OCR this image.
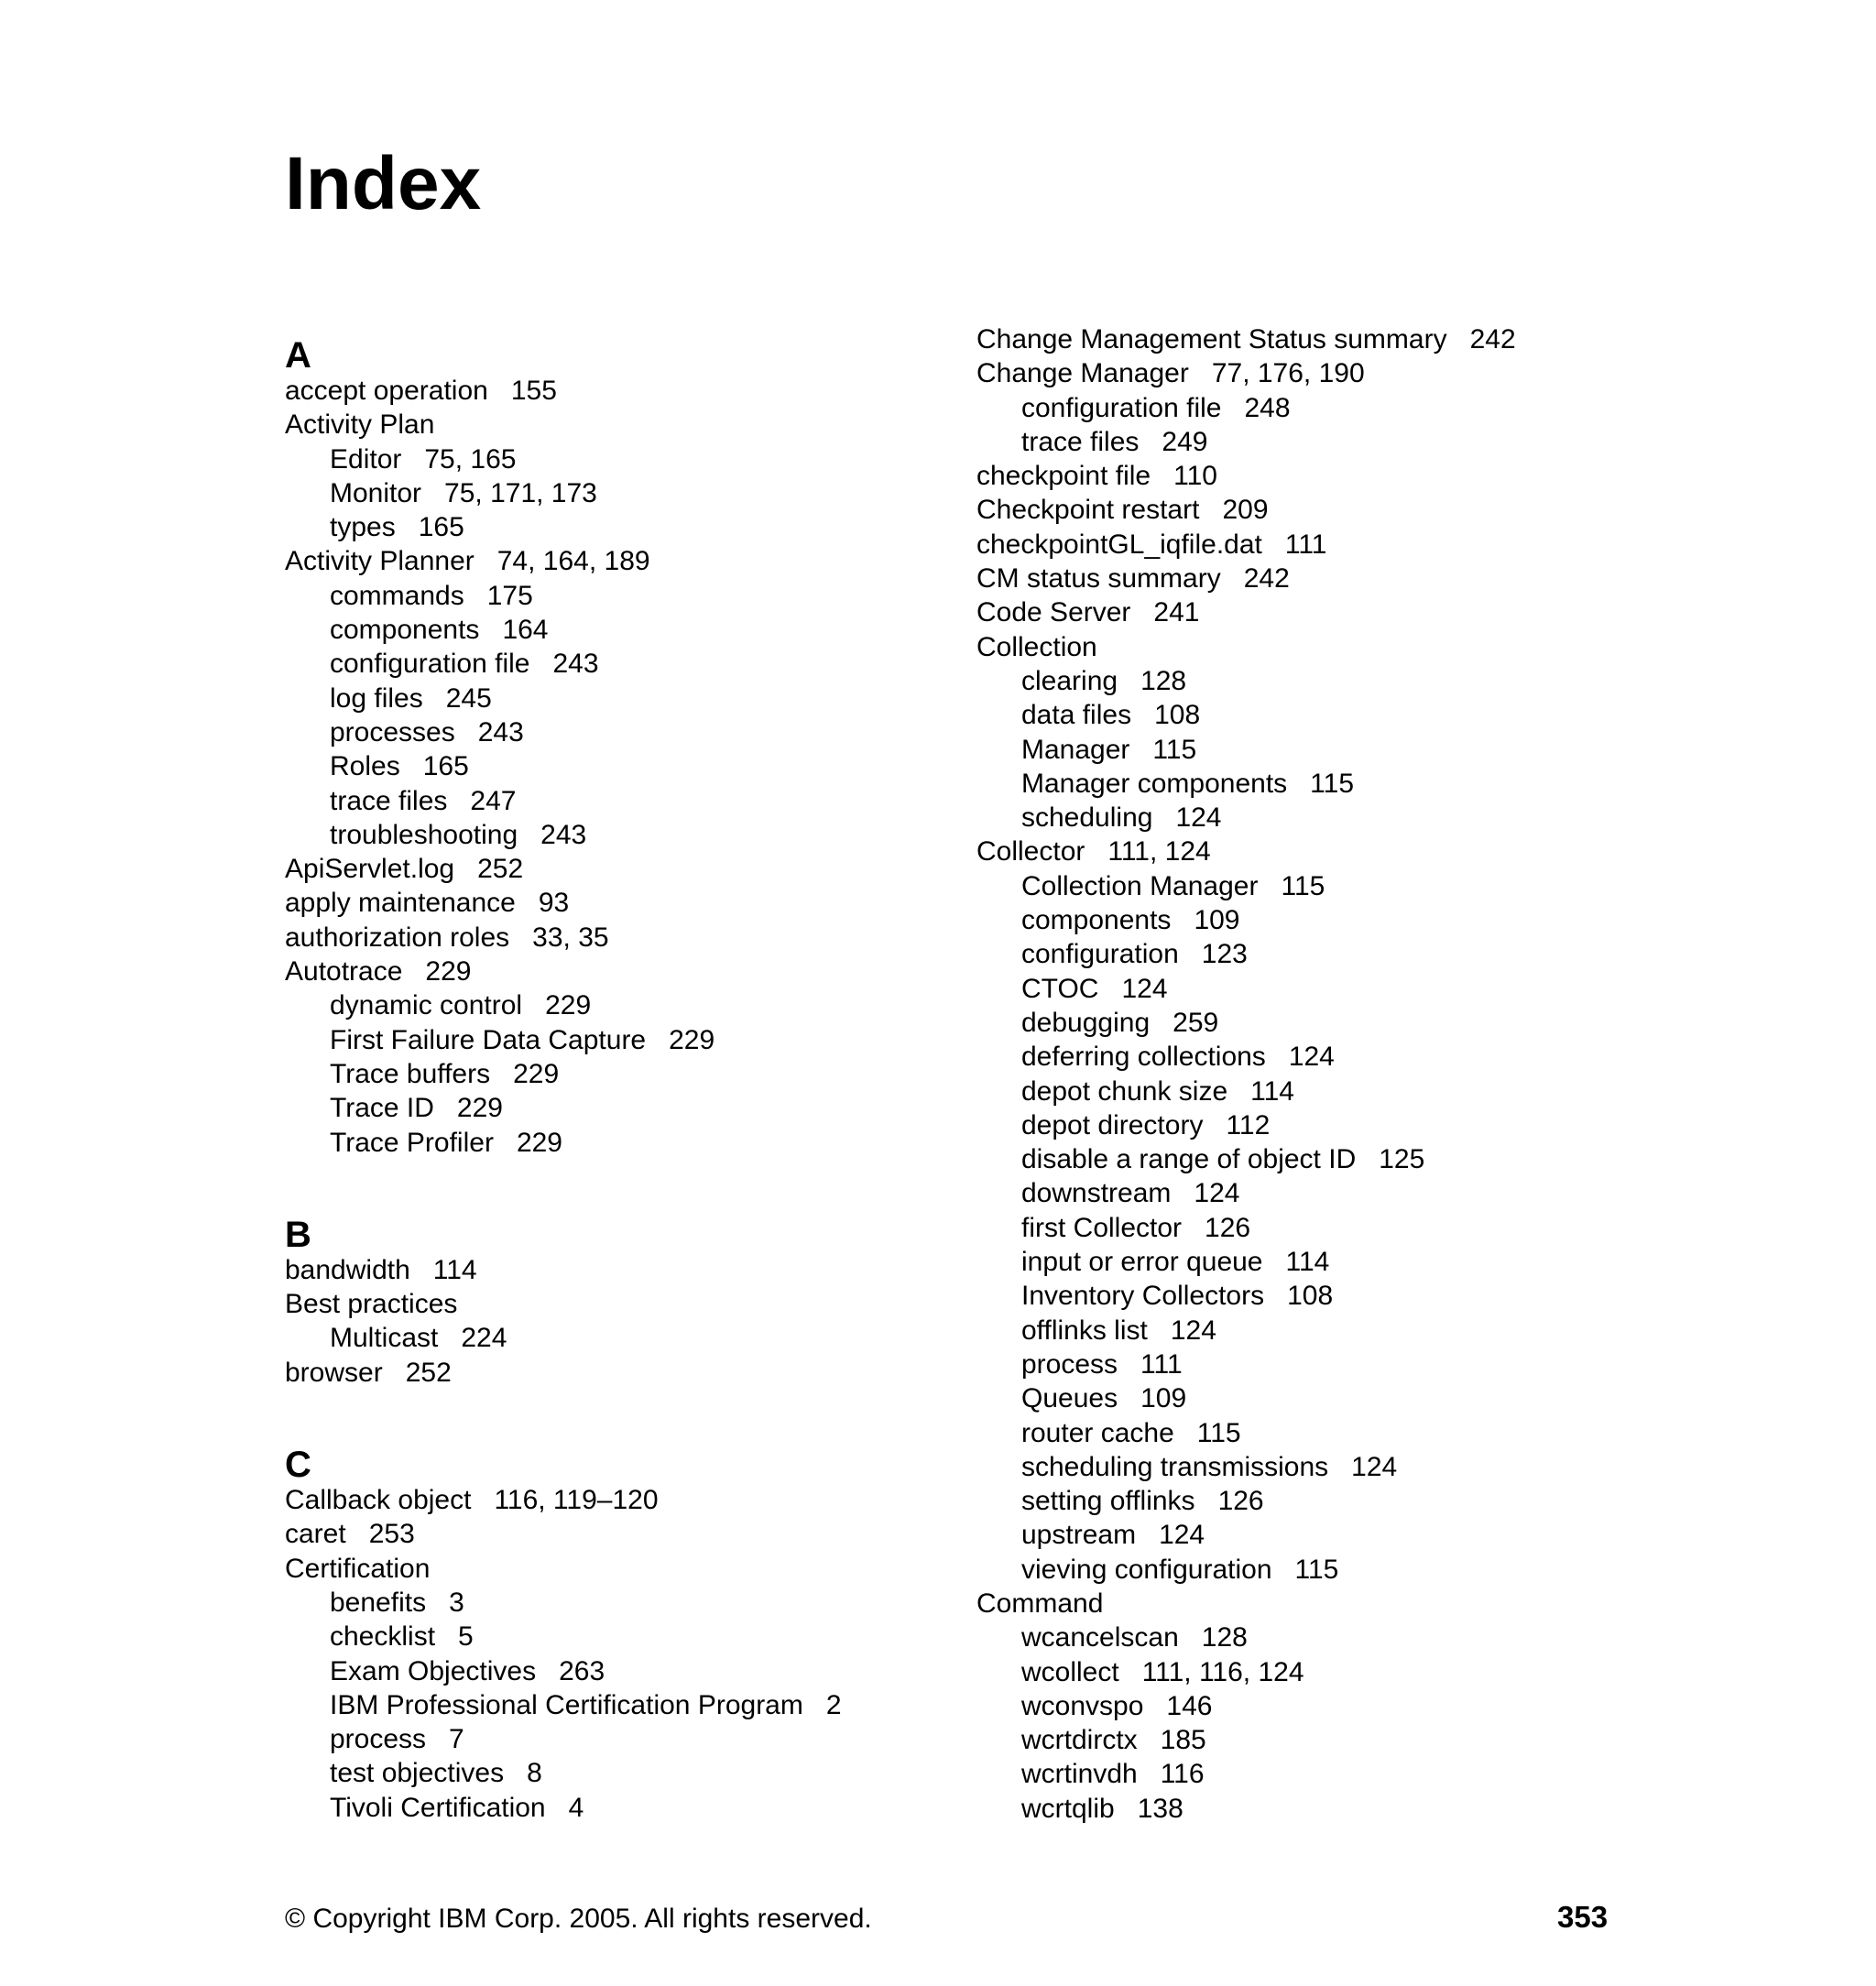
Index
A
accept operation 155
Activity Plan
Editor 75, 165
Monitor 75, 171, 173
types 165
Activity Planner 74, 164, 189
commands 175
components 164
configuration file 243
log files 245
processes 243
Roles 165
trace files 247
troubleshooting 243
ApiServlet.log 252
apply maintenance 93
authorization roles 33, 35
Autotrace 229
dynamic control 229
First Failure Data Capture 229
Trace buffers 229
Trace ID 229
Trace Profiler 229
B
bandwidth 114
Best practices
Multicast 224
browser 252
C
Callback object 116, 119–120
caret 253
Certification
benefits 3
checklist 5
Exam Objectives 263
IBM Professional Certification Program 2
process 7
test objectives 8
Tivoli Certification 4
Change Management Status summary 242
Change Manager 77, 176, 190
configuration file 248
trace files 249
checkpoint file 110
Checkpoint restart 209
checkpointGL_iqfile.dat 111
CM status summary 242
Code Server 241
Collection
clearing 128
data files 108
Manager 115
Manager components 115
scheduling 124
Collector 111, 124
Collection Manager 115
components 109
configuration 123
CTOC 124
debugging 259
deferring collections 124
depot chunk size 114
depot directory 112
disable a range of object ID 125
downstream 124
first Collector 126
input or error queue 114
Inventory Collectors 108
offlinks list 124
process 111
Queues 109
router cache 115
scheduling transmissions 124
setting offlinks 126
upstream 124
vieving configuration 115
Command
wcancelscan 128
wcollect 111, 116, 124
wconvspo 146
wcrtdirctx 185
wcrtinvdh 116
wcrtqlib 138
© Copyright IBM Corp. 2005. All rights reserved.	353
